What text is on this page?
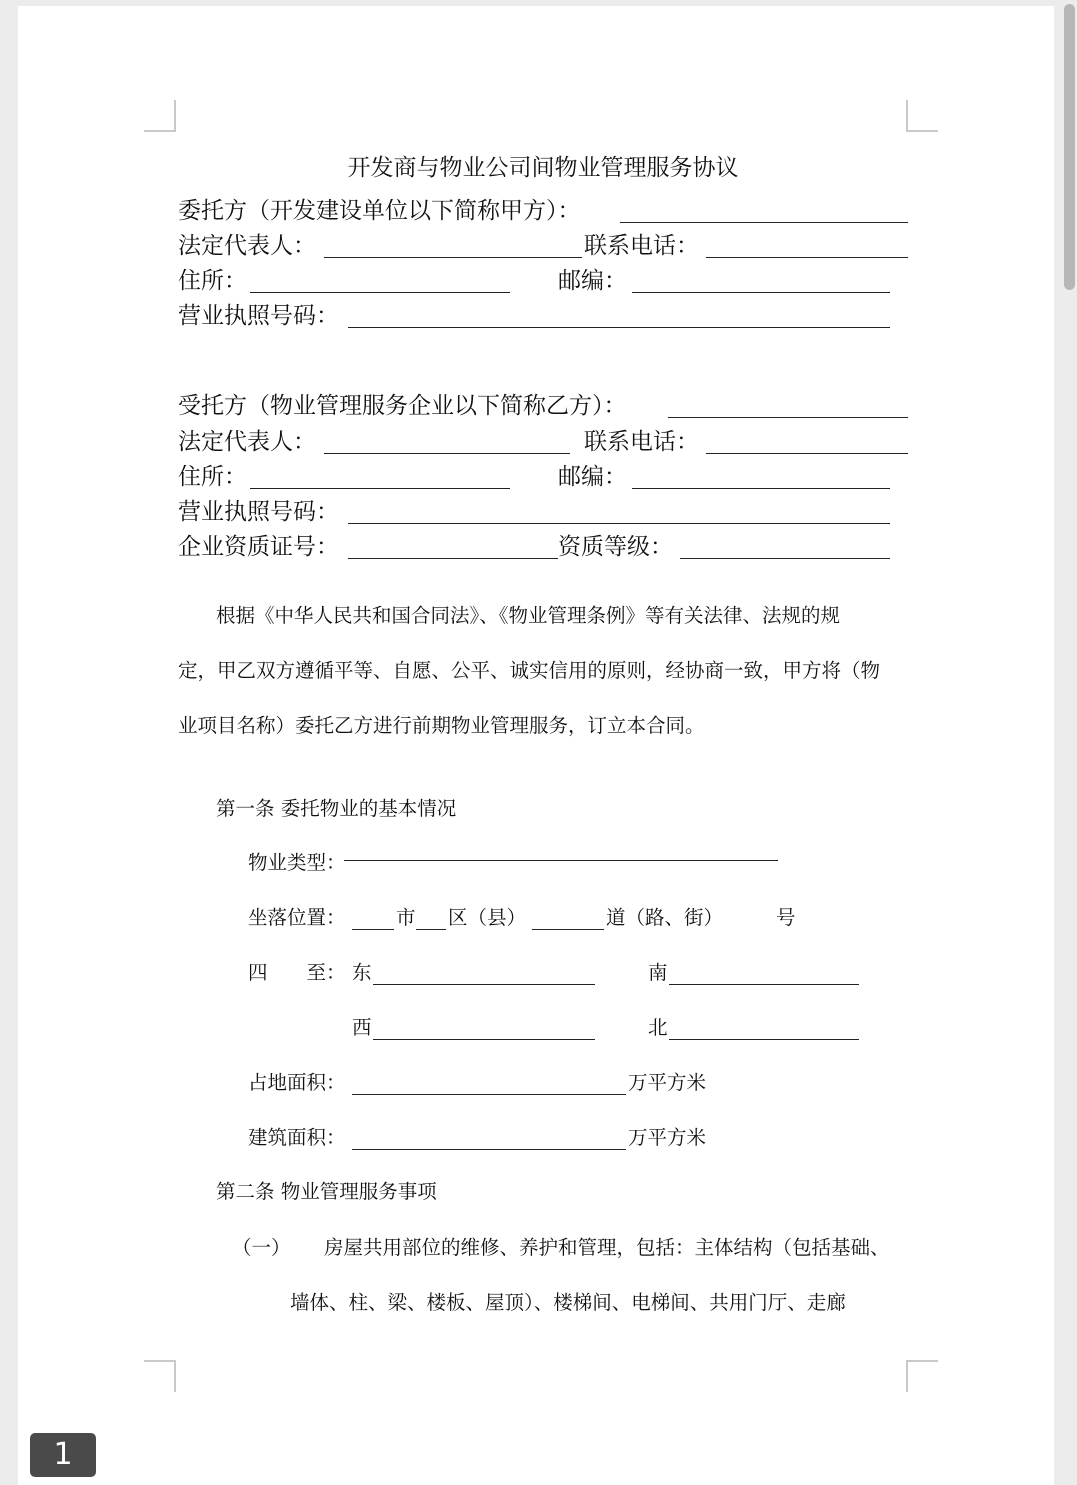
开发商与物业公司间物业管理服务协议
委托方（开发建设单位以下简称甲方）：
法定代表人：	联系电话：
住所：	邮编：
营业执照号码：
受托方（物业管理服务企业以下简称乙方）：
法定代表人：	联系电话：
住所：	邮编：
营业执照号码：
企业资质证号：	资质等级：
根据《中华人民共和国合同法》、《物业管理条例》等有关法律、法规的规
定，甲乙双方遵循平等、自愿、公平、诚实信用的原则，经协商一致，甲方将（物
业项目名称）委托乙方进行前期物业管理服务，订立本合同。
第一条 委托物业的基本情况
物业类型：
坐落位置：	市 区（县）	道（路、街）	号
四　　至： 东	南
西	北
占地面积：	万平方米
建筑面积：	万平方米
第二条 物业管理服务事项
（一） 房屋共用部位的维修、养护和管理，包括：主体结构（包括基础、
墙体、柱、梁、楼板、屋顶）、楼梯间、电梯间、共用门厅、走廊
1
